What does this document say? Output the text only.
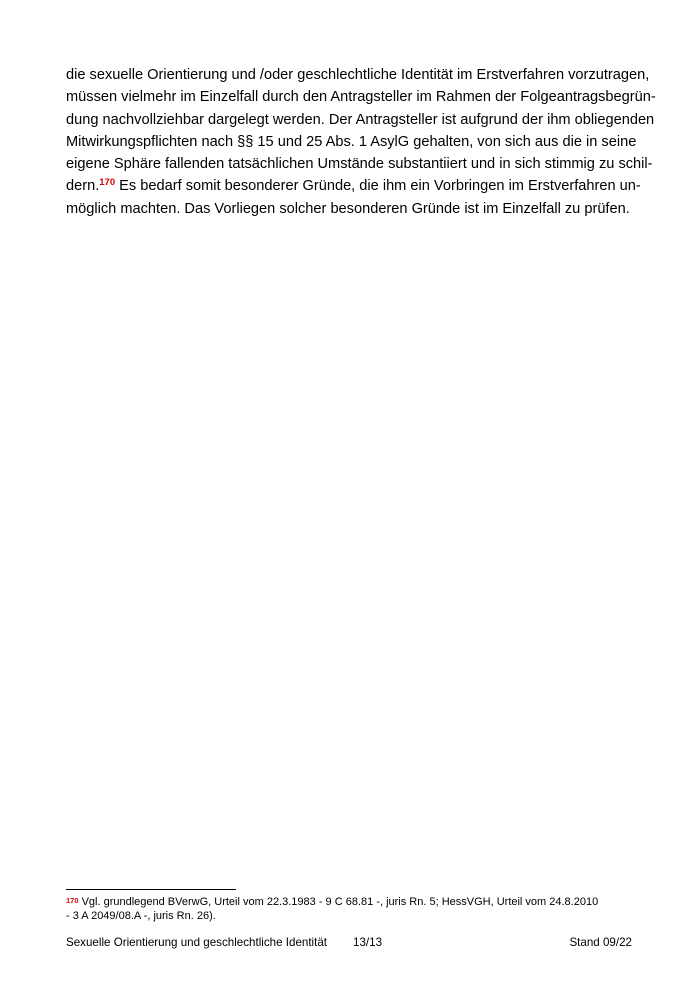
die sexuelle Orientierung und /oder geschlechtliche Identität im Erstverfahren vorzutragen,
müssen vielmehr im Einzelfall durch den Antragsteller im Rahmen der Folgeantragsbegrün-
dung nachvollziehbar dargelegt werden. Der Antragsteller ist aufgrund der ihm obliegenden
Mitwirkungspflichten nach §§ 15 und 25 Abs. 1 AsylG gehalten, von sich aus die in seine
eigene Sphäre fallenden tatsächlichen Umstände substantiiert und in sich stimmig zu schil-
dern.$^{170}$ Es bedarf somit besonderer Gründe, die ihm ein Vorbringen im Erstverfahren un-
möglich machten. Das Vorliegen solcher besonderen Gründe ist im Einzelfall zu prüfen.
$^{170}$ Vgl. grundlegend BVerwG, Urteil vom 22.3.1983 - 9 C 68.81 -, juris Rn. 5; HessVGH, Urteil vom 24.8.2010
- 3 A 2049/08.A -, juris Rn. 26).
Sexuelle Orientierung und geschlechtliche Identität 13/13	Stand 09/22
